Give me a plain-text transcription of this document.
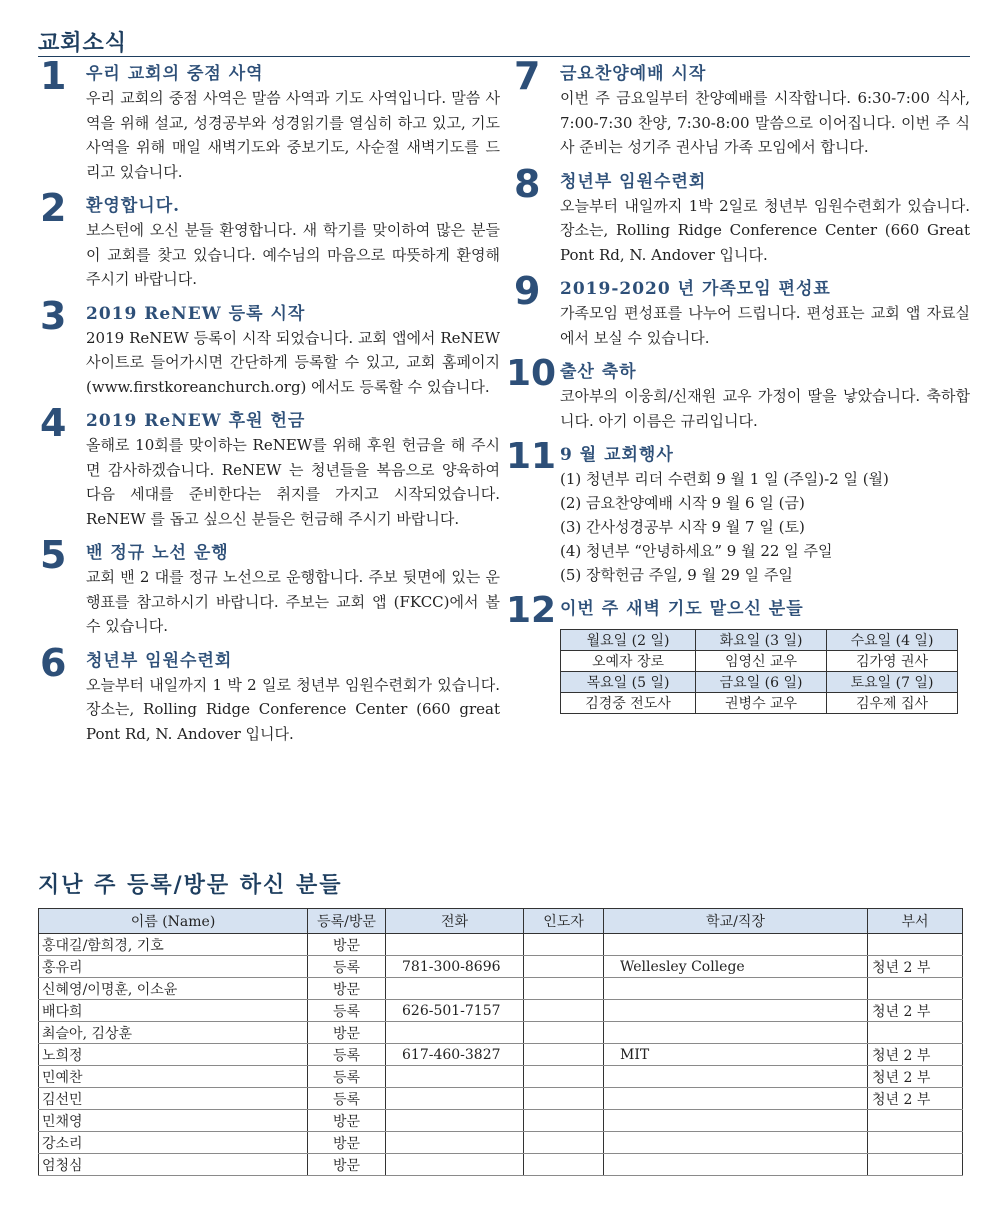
교회소식
1 우리 교회의 중점 사역
우리 교회의 중점 사역은 말씀 사역과 기도 사역입니다. 말씀 사역을 위해 설교, 성경공부와 성경읽기를 열심히 하고 있고, 기도 사역을 위해 매일 새벽기도와 중보기도, 사순절 새벽기도를 드리고 있습니다.
2 환영합니다.
보스턴에 오신 분들 환영합니다. 새 학기를 맞이하여 많은 분들이 교회를 찾고 있습니다. 예수님의 마음으로 따뜻하게 환영해 주시기 바랍니다.
3 2019 ReNEW 등록 시작
2019 ReNEW 등록이 시작 되었습니다. 교회 앱에서 ReNEW 사이트로 들어가시면 간단하게 등록할 수 있고, 교회 홈페이지 (www.firstkoreanchurch.org) 에서도 등록할 수 있습니다.
4 2019 ReNEW 후원 헌금
올해로 10회를 맞이하는 ReNEW를 위해 후원 헌금을 해 주시면 감사하겠습니다. ReNEW 는 청년들을 복음으로 양육하여 다음 세대를 준비한다는 취지를 가지고 시작되었습니다. ReNEW 를 돕고 싶으신 분들은 헌금해 주시기 바랍니다.
5 밴 정규 노선 운행
교회 밴 2 대를 정규 노선으로 운행합니다. 주보 뒷면에 있는 운행표를 참고하시기 바랍니다. 주보는 교회 앱 (FKCC)에서 볼 수 있습니다.
6 청년부 임원수련회
오늘부터 내일까지 1 박 2 일로 청년부 임원수련회가 있습니다. 장소는, Rolling Ridge Conference Center (660 great Pont Rd, N. Andover 입니다.
7 금요찬양예배 시작
이번 주 금요일부터 찬양예배를 시작합니다. 6:30-7:00 식사, 7:00-7:30 찬양, 7:30-8:00 말씀으로 이어집니다. 이번 주 식사 준비는 성기주 권사님 가족 모임에서 합니다.
8 청년부 임원수련회
오늘부터 내일까지 1박 2일로 청년부 임원수련회가 있습니다. 장소는, Rolling Ridge Conference Center (660 Great Pont Rd, N. Andover 입니다.
9 2019-2020 년 가족모임 편성표
가족모임 편성표를 나누어 드립니다. 편성표는 교회 앱 자료실에서 보실 수 있습니다.
10 출산 축하
코아부의 이웅희/신재원 교우 가정이 딸을 낳았습니다. 축하합니다. 아기 이름은 규리입니다.
11 9 월 교회행사
(1) 청년부 리더 수련회 9 월 1 일 (주일)-2 일 (월)
(2) 금요찬양예배 시작 9 월 6 일 (금)
(3) 간사성경공부 시작 9 월 7 일 (토)
(4) 청년부 “안녕하세요” 9 월 22 일 주일
(5) 장학헌금 주일, 9 월 29 일 주일
12 이번 주 새벽 기도 맡으신 분들
월요일 (2 일)	화요일 (3 일)	수요일 (4 일)
오예자 장로	임영신 교우	김가영 권사
목요일 (5 일)	금요일 (6 일)	토요일 (7 일)
김경중 전도사	권병수 교우	김우제 집사
지난 주 등록/방문 하신 분들
이름 (Name)	등록/방문	전화	인도자	학교/직장	부서
홍대길/함희경, 기호	방문				
홍유리	등록	781-300-8696		Wellesley College	청년 2 부
신혜영/이명훈, 이소윤	방문				
배다희	등록	626-501-7157			청년 2 부
최슬아, 김상훈	방문				
노희정	등록	617-460-3827		MIT	청년 2 부
민예찬	등록				청년 2 부
김선민	등록				청년 2 부
민채영	방문				
강소리	방문				
엄청심	방문				
